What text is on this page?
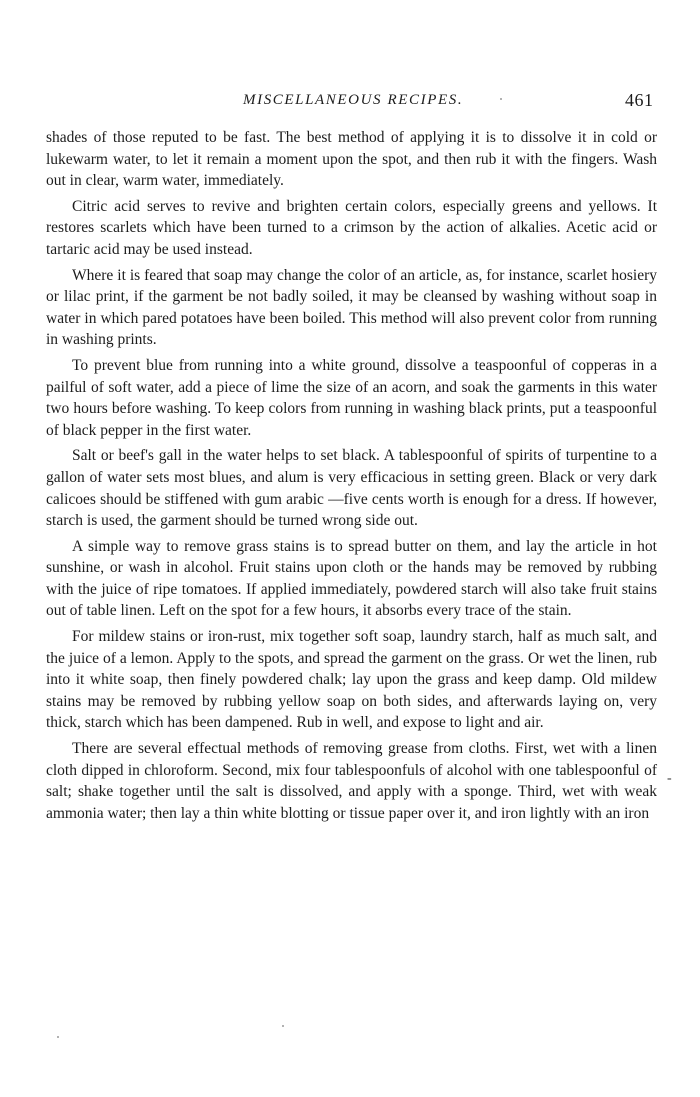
MISCELLANEOUS RECIPES.	461

shades of those reputed to be fast. The best method of applying it is to dissolve it in cold or lukewarm water, to let it remain a moment upon the spot, and then rub it with the fingers. Wash out in clear, warm water, immediately.

Citric acid serves to revive and brighten certain colors, especially greens and yellows. It restores scarlets which have been turned to a crimson by the action of alkalies. Acetic acid or tartaric acid may be used instead.

Where it is feared that soap may change the color of an article, as, for instance, scarlet hosiery or lilac print, if the garment be not badly soiled, it may be cleansed by washing without soap in water in which pared potatoes have been boiled. This method will also prevent color from running in washing prints.

To prevent blue from running into a white ground, dissolve a teaspoonful of copperas in a pailful of soft water, add a piece of lime the size of an acorn, and soak the garments in this water two hours before washing. To keep colors from running in washing black prints, put a teaspoonful of black pepper in the first water.

Salt or beef's gall in the water helps to set black. A tablespoonful of spirits of turpentine to a gallon of water sets most blues, and alum is very efficacious in setting green. Black or very dark calicoes should be stiffened with gum arabic —five cents worth is enough for a dress. If however, starch is used, the garment should be turned wrong side out.

A simple way to remove grass stains is to spread butter on them, and lay the article in hot sunshine, or wash in alcohol. Fruit stains upon cloth or the hands may be removed by rubbing with the juice of ripe tomatoes. If applied immediately, powdered starch will also take fruit stains out of table linen. Left on the spot for a few hours, it absorbs every trace of the stain.

For mildew stains or iron-rust, mix together soft soap, laundry starch, half as much salt, and the juice of a lemon. Apply to the spots, and spread the garment on the grass. Or wet the linen, rub into it white soap, then finely powdered chalk; lay upon the grass and keep damp. Old mildew stains may be removed by rubbing yellow soap on both sides, and afterwards laying on, very thick, starch which has been dampened. Rub in well, and expose to light and air.

There are several effectual methods of removing grease from cloths. First, wet with a linen cloth dipped in chloroform. Second, mix four tablespoonfuls of alcohol with one tablespoonful of salt; shake together until the salt is dissolved, and apply with a sponge. Third, wet with weak ammonia water; then lay a thin white blotting or tissue paper over it, and iron lightly with an iron

-
